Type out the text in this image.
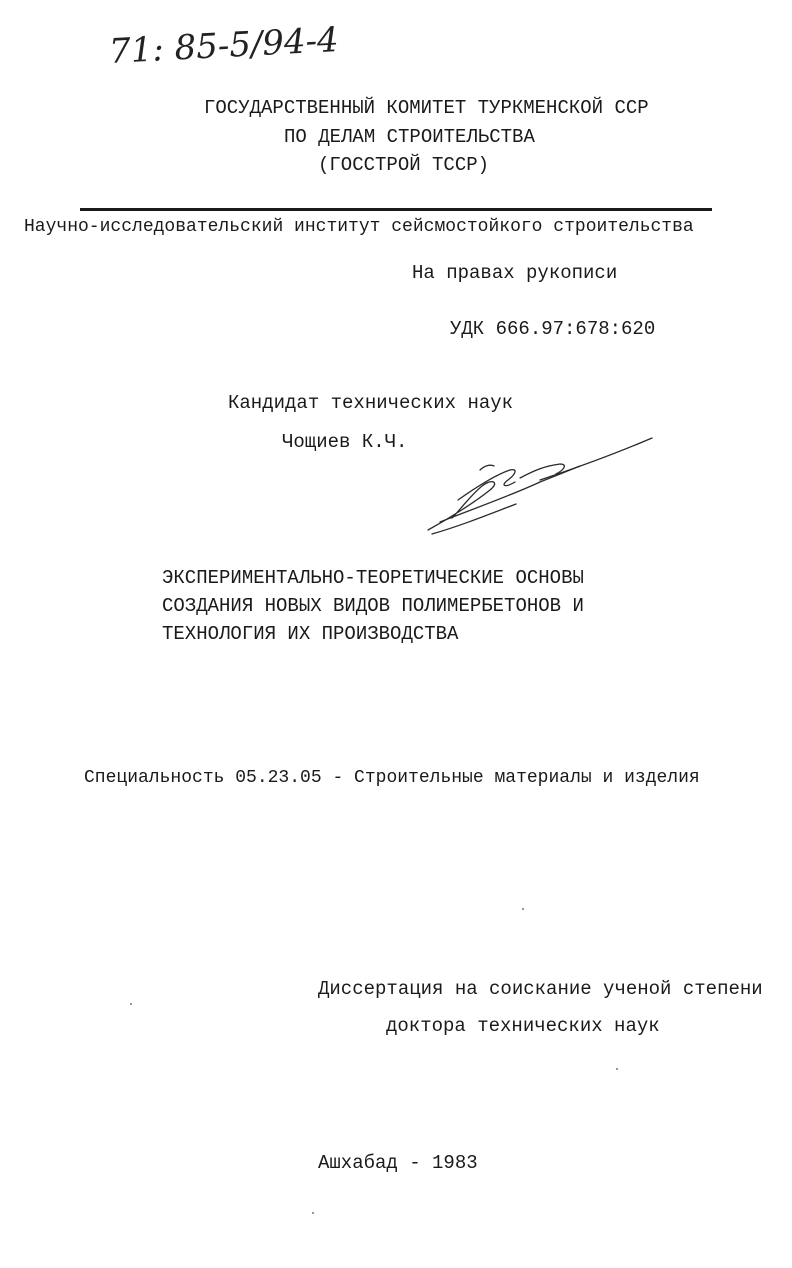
71: 85-5/94-4
ГОСУДАРСТВЕННЫЙ КОМИТЕТ ТУРКМЕНСКОЙ ССР
ПО ДЕЛАМ СТРОИТЕЛЬСТВА
(ГОССТРОЙ ТССР)
Научно-исследовательский институт сейсмостойкого строительства
На правах рукописи
УДК 666.97:678:620
Кандидат технических наук
Чощиев К.Ч.
ЭКСПЕРИМЕНТАЛЬНО-ТЕОРЕТИЧЕСКИЕ ОСНОВЫ
СОЗДАНИЯ НОВЫХ ВИДОВ ПОЛИМЕРБЕТОНОВ И
ТЕХНОЛОГИЯ ИХ ПРОИЗВОДСТВА
Специальность 05.23.05 - Строительные материалы и изделия
Диссертация на соискание ученой степени
доктора технических наук
Ашхабад - 1983
